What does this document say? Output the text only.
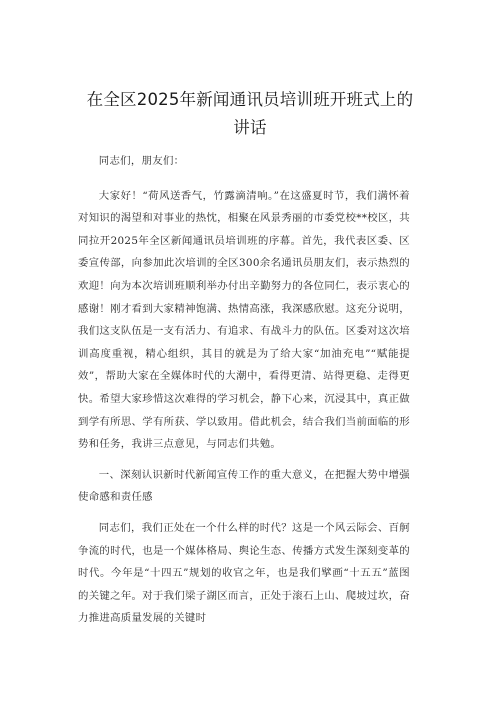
在全区2025年新闻通讯员培训班开班式上的
讲话

同志们，朋友们：

大家好！“荷风送香气，竹露滴清响。”在这盛夏时节，我们满怀着对知识的渴望和对事业的热忱，相聚在风景秀丽的市委党校**校区，共同拉开2025年全区新闻通讯员培训班的序幕。首先，我代表区委、区委宣传部，向参加此次培训的全区300余名通讯员朋友们，表示热烈的欢迎！向为本次培训班顺利举办付出辛勤努力的各位同仁，表示衷心的感谢！刚才看到大家精神饱满、热情高涨，我深感欣慰。这充分说明，我们这支队伍是一支有活力、有追求、有战斗力的队伍。区委对这次培训高度重视，精心组织，其目的就是为了给大家“加油充电”“赋能提效”，帮助大家在全媒体时代的大潮中，看得更清、站得更稳、走得更快。希望大家珍惜这次难得的学习机会，静下心来，沉浸其中，真正做到学有所思、学有所获、学以致用。借此机会，结合我们当前面临的形势和任务，我讲三点意见，与同志们共勉。

一、深刻认识新时代新闻宣传工作的重大意义，在把握大势中增强使命感和责任感

同志们，我们正处在一个什么样的时代？这是一个风云际会、百舸争流的时代，也是一个媒体格局、舆论生态、传播方式发生深刻变革的时代。今年是“十四五”规划的收官之年，也是我们擘画“十五五”蓝图的关键之年。对于我们梁子湖区而言，正处于滚石上山、爬坡过坎，奋力推进高质量发展的关键时
